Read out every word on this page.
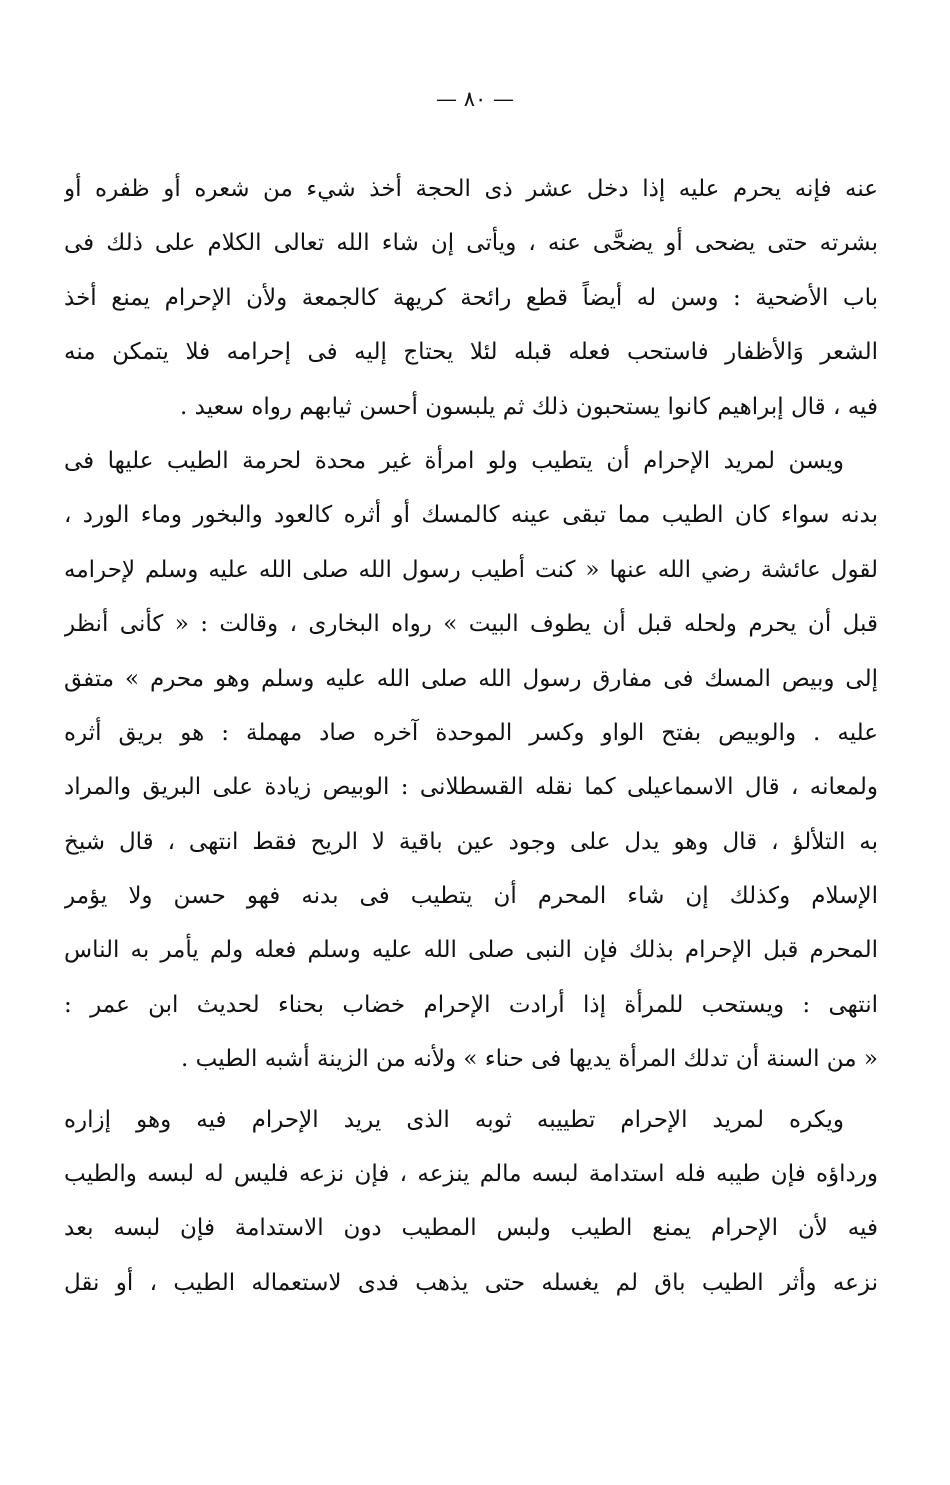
— ٨٠ —
عنه فإنه يحرم عليه إذا دخل عشر ذى الحجة أخذ شيء من شعره أو ظفره أو
بشرته حتى يضحى أو يضحَّى عنه ، ويأتى إن شاء الله تعالى الكلام على ذلك فى
باب الأضحية : وسن له أيضاً قطع رائحة كريهة كالجمعة ولأن الإحرام يمنع أخذ
الشعر وَالأظفار فاستحب فعله قبله لئلا يحتاج إليه فى إحرامه فلا يتمكن منه
فيه ، قال إبراهيم كانوا يستحبون ذلك ثم يلبسون أحسن ثيابهم رواه سعيد .
ويسن لمريد الإحرام أن يتطيب ولو امرأة غير محدة لحرمة الطيب عليها فى
بدنه سواء كان الطيب مما تبقى عينه كالمسك أو أثره كالعود والبخور وماء الورد ،
لقول عائشة رضي الله عنها « كنت أطيب رسول الله صلى الله عليه وسلم لإحرامه
قبل أن يحرم ولحله قبل أن يطوف البيت » رواه البخارى ، وقالت : « كأنى أنظر
إلى وبيص المسك فى مفارق رسول الله صلى الله عليه وسلم وهو محرم » متفق
عليه . والوبيص بفتح الواو وكسر الموحدة آخره صاد مهملة : هو بريق أثره
ولمعانه ، قال الاسماعيلى كما نقله القسطلانى : الوبيص زيادة على البريق والمراد
به التلألؤ ، قال وهو يدل على وجود عين باقية لا الريح فقط انتهى ، قال شيخ
الإسلام وكذلك إن شاء المحرم أن يتطيب فى بدنه فهو حسن ولا يؤمر
المحرم قبل الإحرام بذلك فإن النبى صلى الله عليه وسلم فعله ولم يأمر به الناس
انتهى : ويستحب للمرأة إذا أرادت الإحرام خضاب بحناء لحديث ابن عمر :
« من السنة أن تدلك المرأة يديها فى حناء » ولأنه من الزينة أشبه الطيب .
ويكره لمريد الإحرام تطييبه ثوبه الذى يريد الإحرام فيه وهو إزاره
ورداؤه فإن طيبه فله استدامة لبسه مالم ينزعه ، فإن نزعه فليس له لبسه والطيب
فيه لأن الإحرام يمنع الطيب ولبس المطيب دون الاستدامة فإن لبسه بعد
نزعه وأثر الطيب باق لم يغسله حتى يذهب فدى لاستعماله الطيب ، أو نقل
